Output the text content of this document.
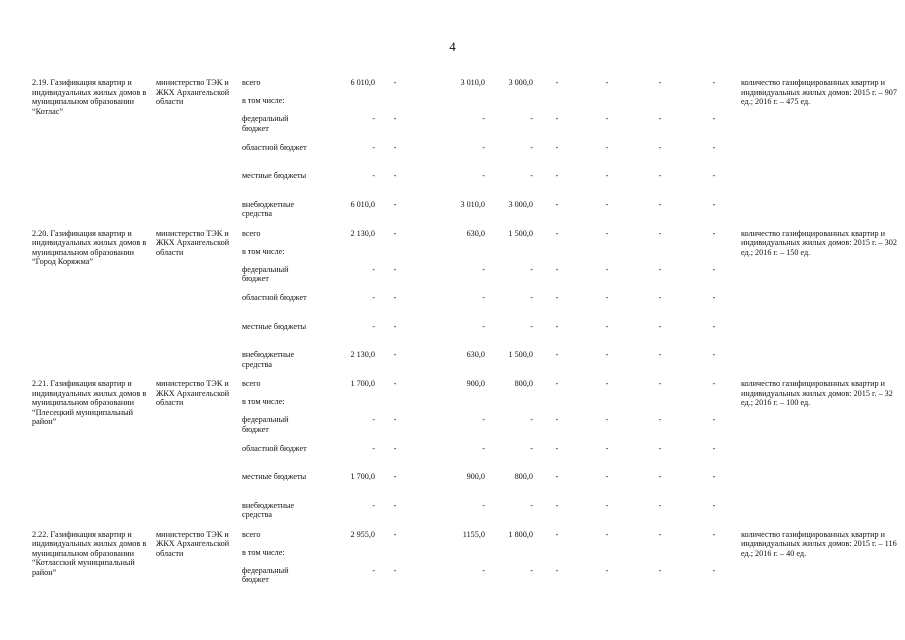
4
2.19. Газификация квартир и индивидуальных жилых домов в муниципальном образовании “Котлас”	министерство ТЭК и ЖКХ Архангельской области	всего	6 010,0	-	3 010,0	3 000,0	-	-	-	-	количество газифицированных квартир и индивидуальных жилых домов: 2015 г. – 907 ед.; 2016 г. – 475 ед.
		в том числе:									
		федеральный бюджет	-	-	-	-	-	-	-	-	
		областной бюджет	-	-	-	-	-	-	-	-	
		местные бюджеты	-	-	-	-	-	-	-	-	
		внебюджетные средства	6 010,0	-	3 010,0	3 000,0	-	-	-	-	
2.20. Газификация квартир и индивидуальных жилых домов в муниципальном образовании “Город Коряжма”	министерство ТЭК и ЖКХ Архангельской области	всего	2 130,0	-	630,0	1 500,0	-	-	-	-	количество газифицированных квартир и индивидуальных жилых домов: 2015 г. – 302 ед.; 2016 г. – 150 ед.
		в том числе:									
		федеральный бюджет	-	-	-	-	-	-	-	-	
		областной бюджет	-	-	-	-	-	-	-	-	
		местные бюджеты	-	-	-	-	-	-	-	-	
		внебюджетные средства	2 130,0	-	630,0	1 500,0	-	-	-	-	
2.21. Газификация квартир и индивидуальных жилых домов в муниципальном образовании “Плесецкий муниципальный район”	министерство ТЭК и ЖКХ Архангельской области	всего	1 700,0	-	900,0	800,0	-	-	-	-	количество газифицированных квартир и индивидуальных жилых домов: 2015 г. – 32 ед.; 2016 г. – 100 ед.
		в том числе:									
		федеральный бюджет	-	-	-	-	-	-	-	-	
		областной бюджет	-	-	-	-	-	-	-	-	
		местные бюджеты	1 700,0	-	900,0	800,0	-	-	-	-	
		внебюджетные средства	-	-	-	-	-	-	-	-	
2.22. Газификация квартир и индивидуальных жилых домов в муниципальном образовании “Котласский муниципальный район”	министерство ТЭК и ЖКХ Архангельской области	всего	2 955,0	-	1155,0	1 800,0	-	-	-	-	количество газифицированных квартир и индивидуальных жилых домов: 2015 г. – 116 ед.; 2016 г. – 40 ед.
		в том числе:									
		федеральный бюджет	-	-	-	-	-	-	-	-	
